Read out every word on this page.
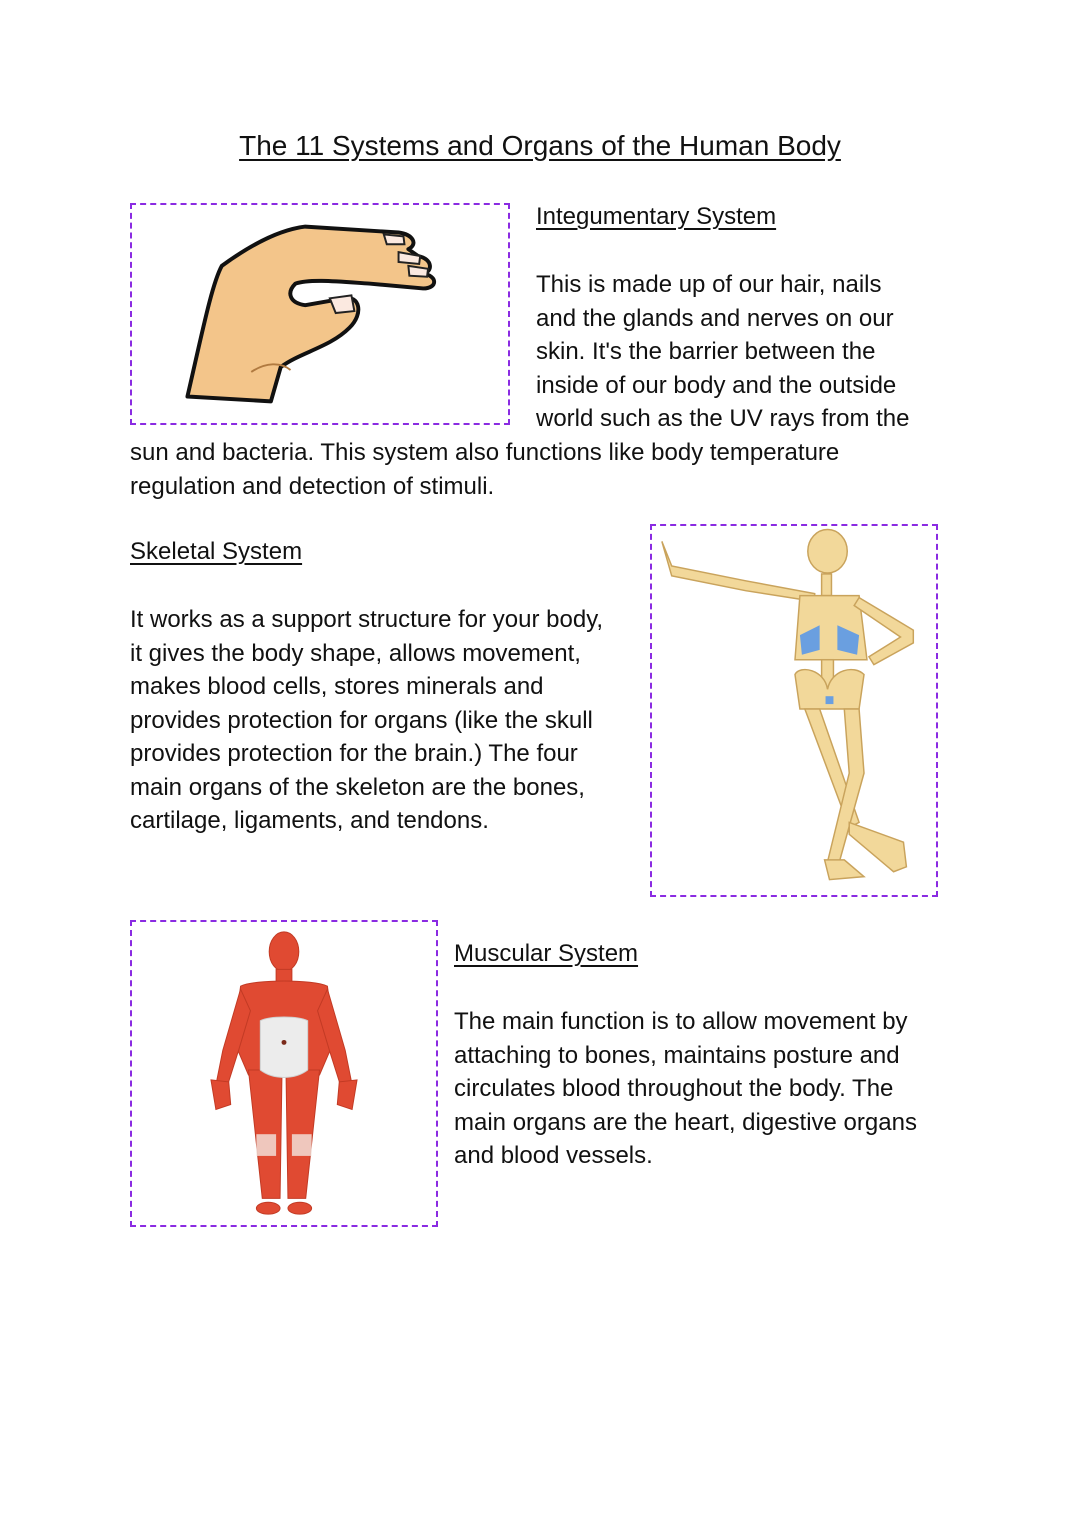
The 11 Systems and Organs of the Human Body
Integumentary System
This is made up of our hair, nails
and the glands and nerves on our
skin. It's the barrier between the
inside of our body and the outside
world such as the UV rays from the
sun and bacteria. This system also functions like body temperature
regulation and detection of stimuli.
Skeletal System
It works as a support structure for your body,
it gives the body shape, allows movement,
makes blood cells, stores minerals and
provides protection for organs (like the skull
provides protection for the brain.) The four
main organs of the skeleton are the bones,
cartilage, ligaments, and tendons.
Muscular System
The main function is to allow movement by
attaching to bones, maintains posture and
circulates blood throughout the body. The
main organs are the heart, digestive organs
and blood vessels.
